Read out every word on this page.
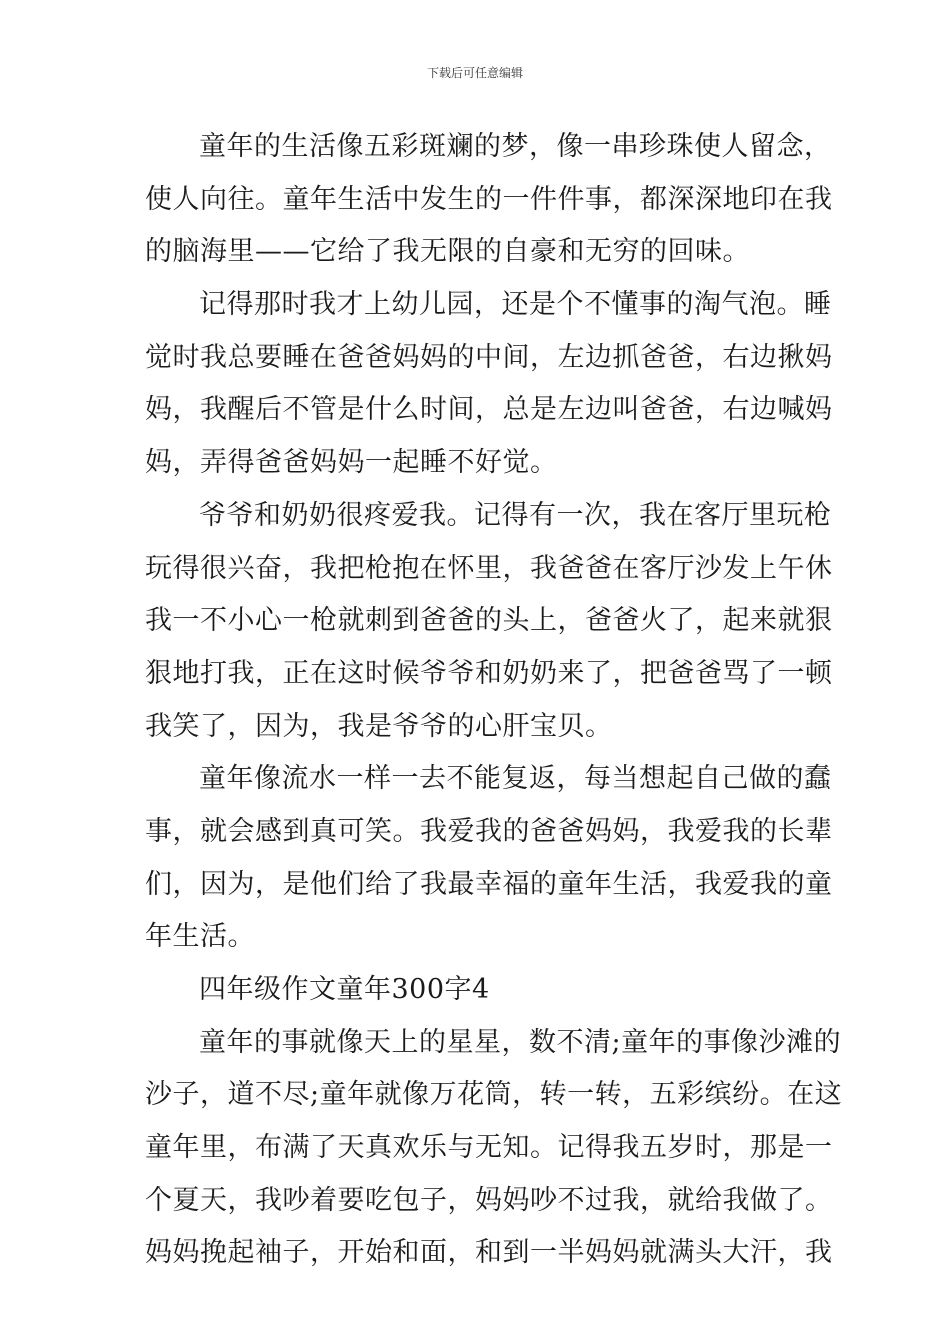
下载后可任意编辑
童年的生活像五彩斑斓的梦，像一串珍珠使人留念，
使人向往。童年生活中发生的一件件事，都深深地印在我
的脑海里——它给了我无限的自豪和无穷的回味。
记得那时我才上幼儿园，还是个不懂事的淘气泡。睡
觉时我总要睡在爸爸妈妈的中间，左边抓爸爸，右边揪妈
妈，我醒后不管是什么时间，总是左边叫爸爸，右边喊妈
妈，弄得爸爸妈妈一起睡不好觉。
爷爷和奶奶很疼爱我。记得有一次，我在客厅里玩枪
玩得很兴奋，我把枪抱在怀里，我爸爸在客厅沙发上午休
我一不小心一枪就刺到爸爸的头上，爸爸火了，起来就狠
狠地打我，正在这时候爷爷和奶奶来了，把爸爸骂了一顿
我笑了，因为，我是爷爷的心肝宝贝。
童年像流水一样一去不能复返，每当想起自己做的蠢
事，就会感到真可笑。我爱我的爸爸妈妈，我爱我的长辈
们，因为，是他们给了我最幸福的童年生活，我爱我的童
年生活。
四年级作文童年300字4
童年的事就像天上的星星，数不清;童年的事像沙滩的
沙子，道不尽;童年就像万花筒，转一转，五彩缤纷。在这
童年里，布满了天真欢乐与无知。记得我五岁时，那是一
个夏天，我吵着要吃包子，妈妈吵不过我，就给我做了。
妈妈挽起袖子，开始和面，和到一半妈妈就满头大汗，我
